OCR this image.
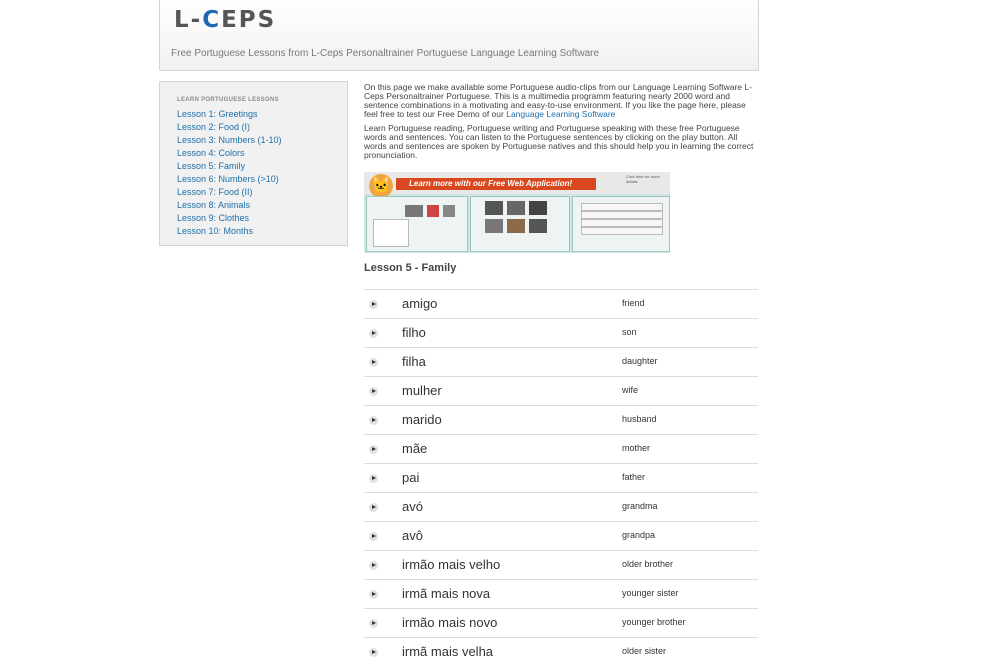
L-CEPS
Free Portuguese Lessons from L-Ceps Personaltrainer Portuguese Language Learning Software
LEARN PORTUGUESE LESSONS
Lesson 1: Greetings
Lesson 2: Food (I)
Lesson 3: Numbers (1-10)
Lesson 4: Colors
Lesson 5: Family
Lesson 6: Numbers (>10)
Lesson 7: Food (II)
Lesson 8: Animals
Lesson 9: Clothes
Lesson 10: Months

On this page we make available some Portuguese audio-clips from our Language Learning Software L-Ceps Personaltrainer Portuguese. This is a multimedia programm featuring nearly 2000 word and sentence combinations in a motivating and easy-to-use environment. If you like the page here, please feel free to test our Free Demo of our Language Learning Software

Learn Portuguese reading, Portuguese writing and Portuguese speaking with these free Portuguese words and sentences. You can listen to the Portuguese sentences by clicking on the play button. All words and sentences are spoken by Portuguese natives and this should help you in learning the correct pronunciation.

🐱 Learn more with our Free Web Application!
Click here for more details
Lesson 5 - Family
amigo	friend
filho	son
filha	daughter
mulher	wife
marido	husband
mãe	mother
pai	father
avó	grandma
avô	grandpa
irmão mais velho	older brother
irmã mais nova	younger sister
irmão mais novo	younger brother
irmã mais velha	older sister
